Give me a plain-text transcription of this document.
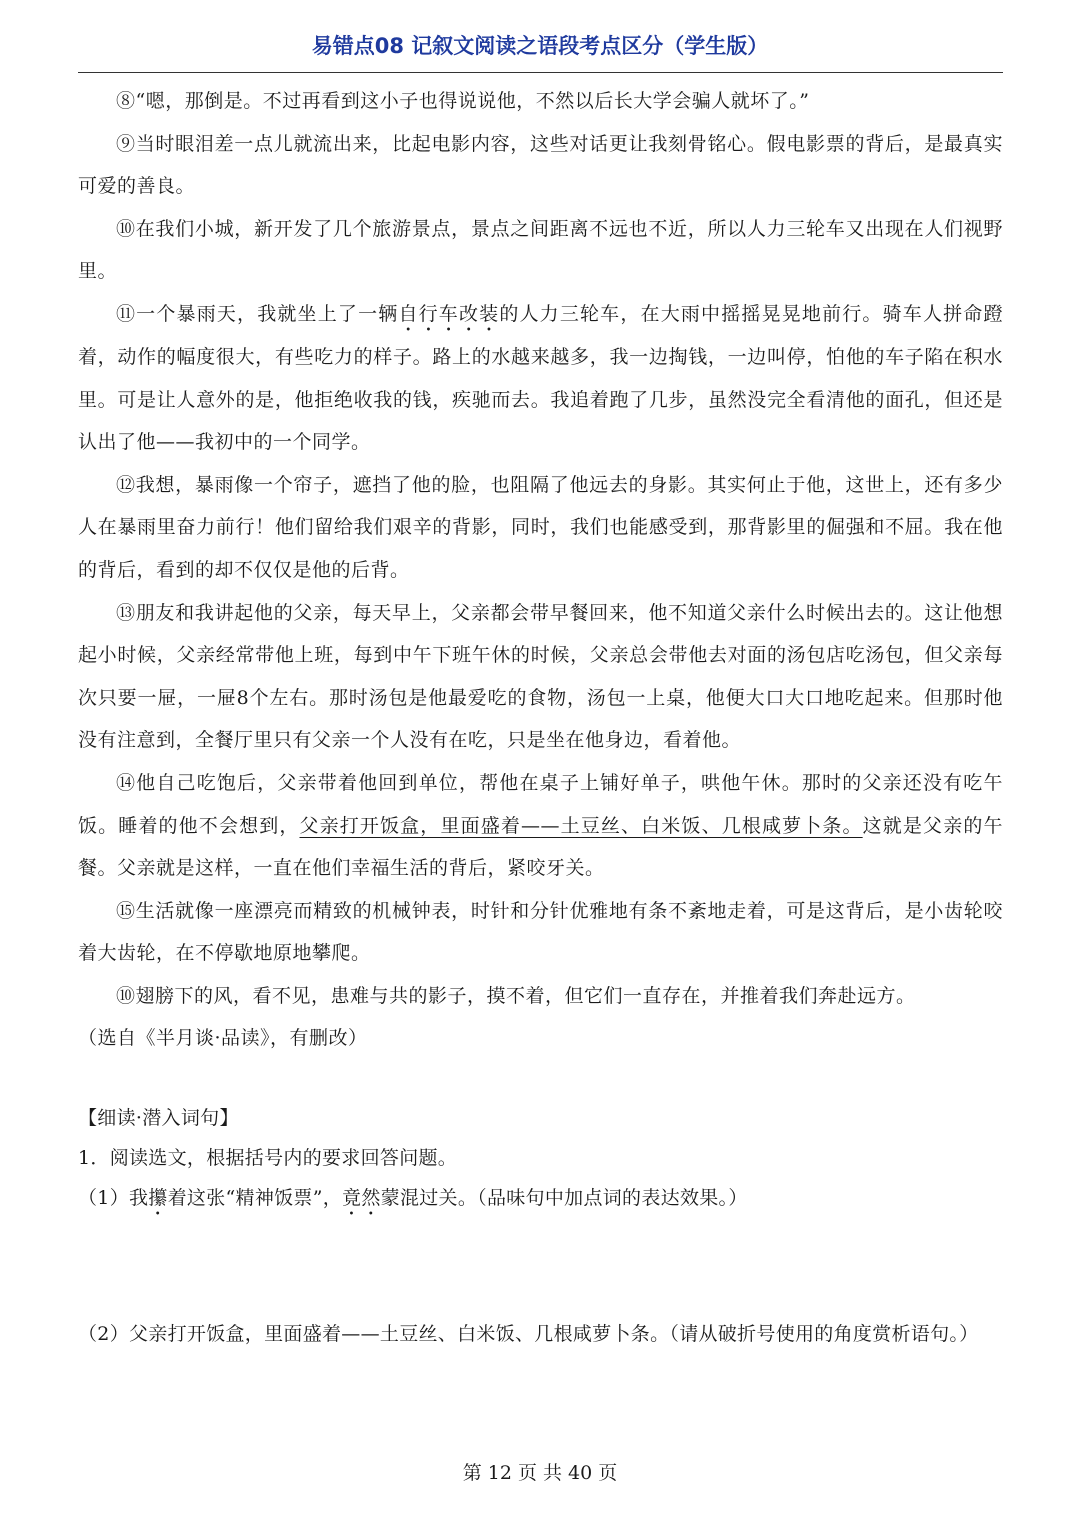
易错点08 记叙文阅读之语段考点区分（学生版）

⑧“嗯，那倒是。不过再看到这小子也得说说他，不然以后长大学会骗人就坏了。”

⑨当时眼泪差一点儿就流出来，比起电影内容，这些对话更让我刻骨铭心。假电影票的背后，是最真实可爱的善良。

⑩在我们小城，新开发了几个旅游景点，景点之间距离不远也不近，所以人力三轮车又出现在人们视野里。

⑪一个暴雨天，我就坐上了一辆自行车改装的人力三轮车，在大雨中摇摇晃晃地前行。骑车人拼命蹬着，动作的幅度很大，有些吃力的样子。路上的水越来越多，我一边掏钱，一边叫停，怕他的车子陷在积水里。可是让人意外的是，他拒绝收我的钱，疾驰而去。我追着跑了几步，虽然没完全看清他的面孔，但还是认出了他——我初中的一个同学。

⑫我想，暴雨像一个帘子，遮挡了他的脸，也阻隔了他远去的身影。其实何止于他，这世上，还有多少人在暴雨里奋力前行！他们留给我们艰辛的背影，同时，我们也能感受到，那背影里的倔强和不屈。我在他的背后，看到的却不仅仅是他的后背。

⑬朋友和我讲起他的父亲，每天早上，父亲都会带早餐回来，他不知道父亲什么时候出去的。这让他想起小时候，父亲经常带他上班，每到中午下班午休的时候，父亲总会带他去对面的汤包店吃汤包，但父亲每次只要一屉，一屉8个左右。那时汤包是他最爱吃的食物，汤包一上桌，他便大口大口地吃起来。但那时他没有注意到，全餐厅里只有父亲一个人没有在吃，只是坐在他身边，看着他。

⑭他自己吃饱后，父亲带着他回到单位，帮他在桌子上铺好单子，哄他午休。那时的父亲还没有吃午饭。睡着的他不会想到，父亲打开饭盒，里面盛着——土豆丝、白米饭、几根咸萝卜条。这就是父亲的午餐。父亲就是这样，一直在他们幸福生活的背后，紧咬牙关。

⑮生活就像一座漂亮而精致的机械钟表，时针和分针优雅地有条不紊地走着，可是这背后，是小齿轮咬着大齿轮，在不停歇地原地攀爬。

⑩翅膀下的风，看不见，患难与共的影子，摸不着，但它们一直存在，并推着我们奔赴远方。

（选自《半月谈·品读》，有删改）

【细读·潜入词句】
1．阅读选文，根据括号内的要求回答问题。
（1）我攥着这张“精神饭票”，竟然蒙混过关。（品味句中加点词的表达效果。）
（2）父亲打开饭盒，里面盛着——土豆丝、白米饭、几根咸萝卜条。（请从破折号使用的角度赏析语句。）
第 12 页 共 40 页
